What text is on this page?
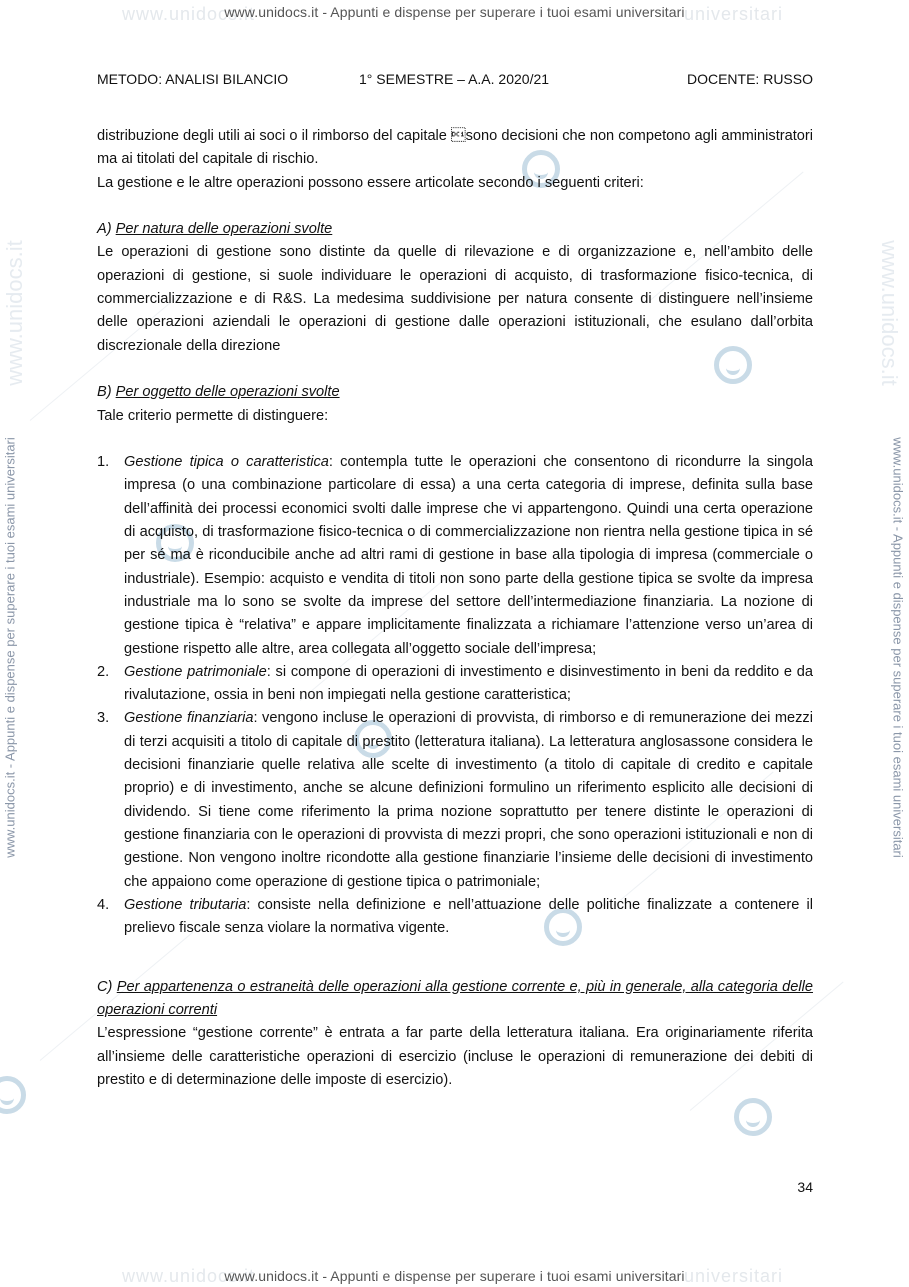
www.unidocs.it	universitari
www.unidocs.it	universitari
www.unidocs.it	www.unidocs.it
www.unidocs.it - Appunti e dispense per superare i tuoi esami universitari
www.unidocs.it - Appunti e dispense per superare i tuoi esami universitari
www.unidocs.it - Appunti e dispense per superare i tuoi esami universitari	www.unidocs.it - Appunti e dispense per superare i tuoi esami universitari
METODO: ANALISI BILANCIO	1° SEMESTRE – A.A. 2020/21	DOCENTE: RUSSO

distribuzione degli utili ai soci o il rimborso del capitale sono decisioni che non competono agli amministratori ma ai titolati del capitale di rischio.

La gestione e le altre operazioni possono essere articolate secondo i seguenti criteri:

A) Per natura delle operazioni svolte

Le operazioni di gestione sono distinte da quelle di rilevazione e di organizzazione e, nell’ambito delle operazioni di gestione, si suole individuare le operazioni di acquisto, di trasformazione fisico-tecnica, di commercializzazione e di R&S. La medesima suddivisione per natura consente di distinguere nell’insieme delle operazioni aziendali le operazioni di gestione dalle operazioni istituzionali, che esulano dall’orbita discrezionale della direzione

B) Per oggetto delle operazioni svolte

Tale criterio permette di distinguere:

1. Gestione tipica o caratteristica: contempla tutte le operazioni che consentono di ricondurre la singola impresa (o una combinazione particolare di essa) a una certa categoria di imprese, definita sulla base dell’affinità dei processi economici svolti dalle imprese che vi appartengono. Quindi una certa operazione di acquisto, di trasformazione fisico-tecnica o di commercializzazione non rientra nella gestione tipica in sé per sé ma è riconducibile anche ad altri rami di gestione in base alla tipologia di impresa (commerciale o industriale). Esempio: acquisto e vendita di titoli non sono parte della gestione tipica se svolte da impresa industriale ma lo sono se svolte da imprese del settore dell’intermediazione finanziaria. La nozione di gestione tipica è “relativa” e appare implicitamente finalizzata a richiamare l’attenzione verso un’area di gestione rispetto alle altre, area collegata all’oggetto sociale dell’impresa;
2. Gestione patrimoniale: si compone di operazioni di investimento e disinvestimento in beni da reddito e da rivalutazione, ossia in beni non impiegati nella gestione caratteristica;
3. Gestione finanziaria: vengono incluse le operazioni di provvista, di rimborso e di remunerazione dei mezzi di terzi acquisiti a titolo di capitale di prestito (letteratura italiana). La letteratura anglosassone considera le decisioni finanziarie quelle relativa alle scelte di investimento (a titolo di capitale di credito e capitale proprio) e di investimento, anche se alcune definizioni formulino un riferimento esplicito alle decisioni di dividendo. Si tiene come riferimento la prima nozione soprattutto per tenere distinte le operazioni di gestione finanziaria con le operazioni di provvista di mezzi propri, che sono operazioni istituzionali e non di gestione. Non vengono inoltre ricondotte alla gestione finanziarie l’insieme delle decisioni di investimento che appaiono come operazione di gestione tipica o patrimoniale;
4. Gestione tributaria: consiste nella definizione e nell’attuazione delle politiche finalizzate a contenere il prelievo fiscale senza violare la normativa vigente.

C) Per appartenenza o estraneità delle operazioni alla gestione corrente e, più in generale, alla categoria delle operazioni correnti

L’espressione “gestione corrente” è entrata a far parte della letteratura italiana. Era originariamente riferita all’insieme delle caratteristiche operazioni di esercizio (incluse le operazioni di remunerazione dei debiti di prestito e di determinazione delle imposte di esercizio).

34
